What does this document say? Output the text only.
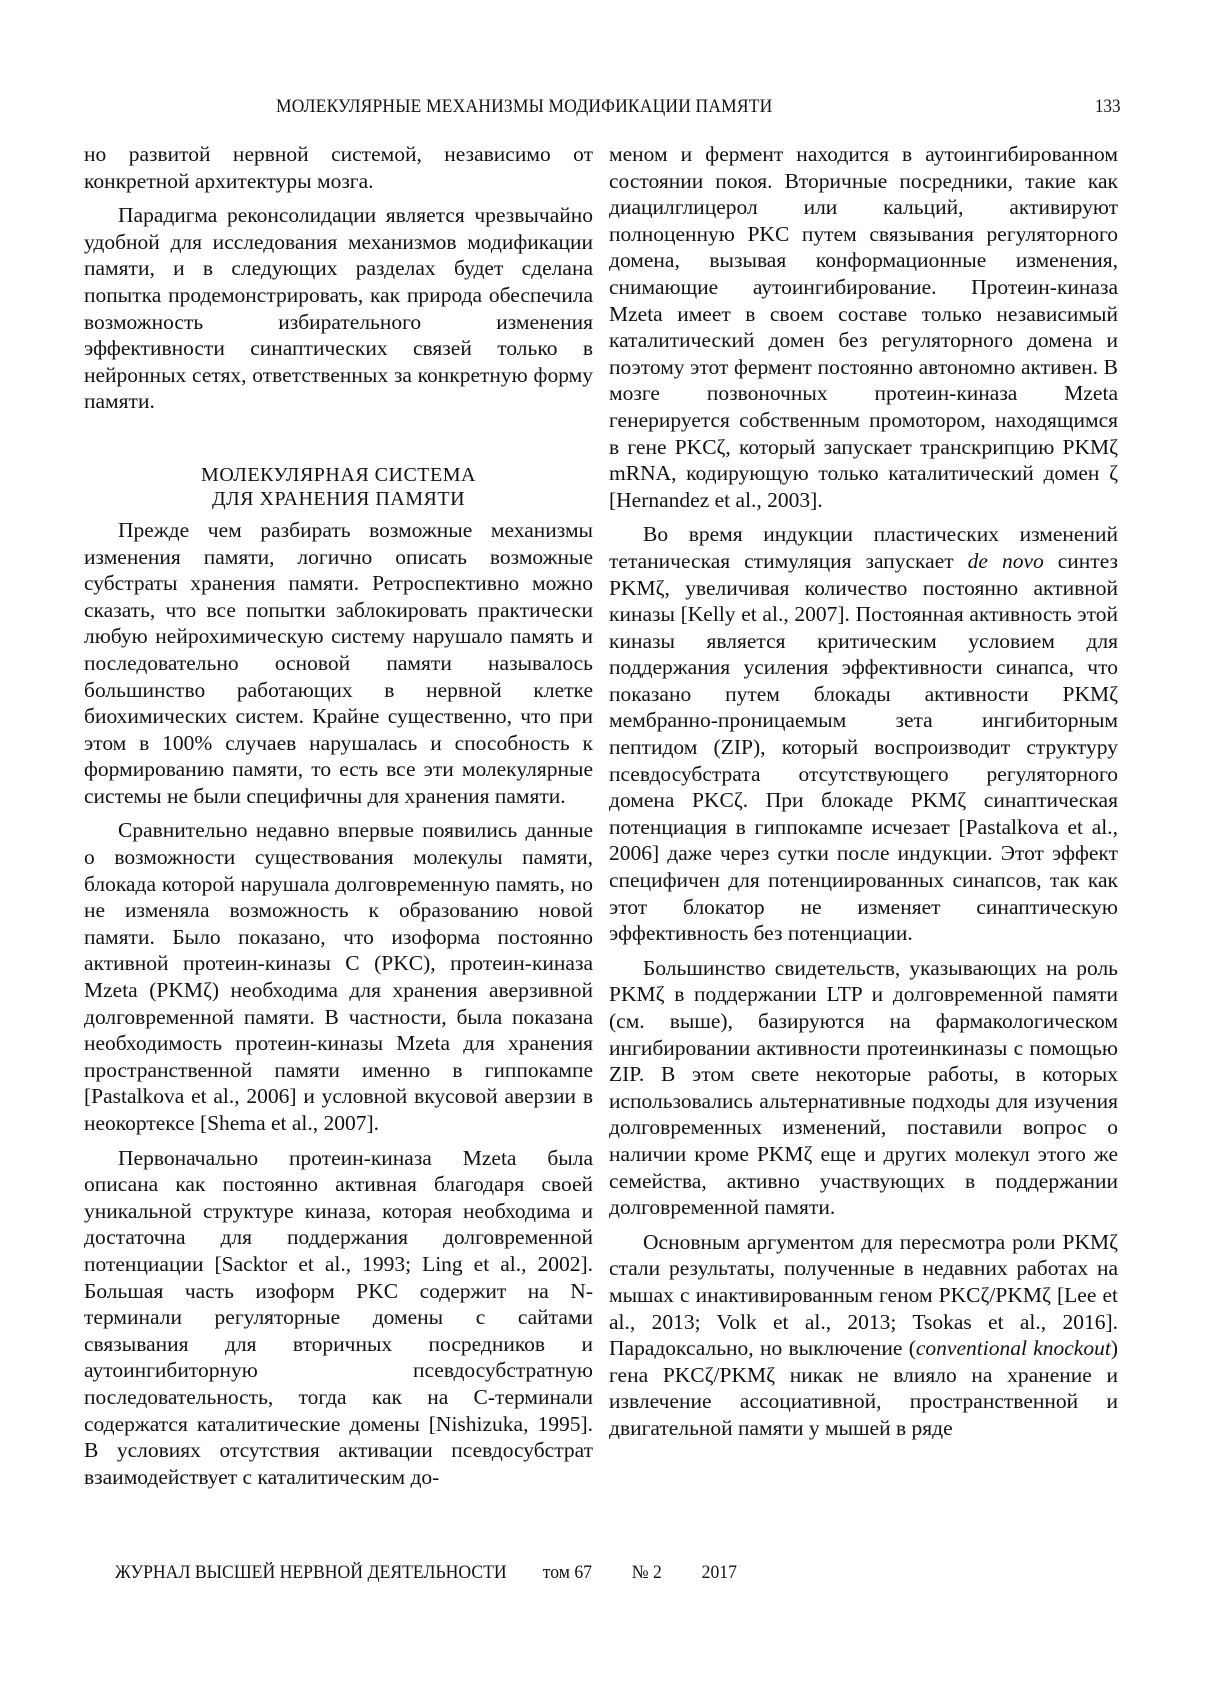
МОЛЕКУЛЯРНЫЕ МЕХАНИЗМЫ МОДИФИКАЦИИ ПАМЯТИ	133

но развитой нервной системой, независимо от конкретной архитектуры мозга.

Парадигма реконсолидации является чрезвычайно удобной для исследования механизмов модификации памяти, и в следующих разделах будет сделана попытка продемонстрировать, как природа обеспечила возможность избирательного изменения эффективности синаптических связей только в нейронных сетях, ответственных за конкретную форму памяти.

МОЛЕКУЛЯРНАЯ СИСТЕМА
ДЛЯ ХРАНЕНИЯ ПАМЯТИ

Прежде чем разбирать возможные механизмы изменения памяти, логично описать возможные субстраты хранения памяти. Ретроспективно можно сказать, что все попытки заблокировать практически любую нейрохимическую систему нарушало память и последовательно основой памяти называлось большинство работающих в нервной клетке биохимических систем. Крайне существенно, что при этом в 100% случаев нарушалась и способность к формированию памяти, то есть все эти молекулярные системы не были специфичны для хранения памяти.

Сравнительно недавно впервые появились данные о возможности существования молекулы памяти, блокада которой нарушала долговременную память, но не изменяла возможность к образованию новой памяти. Было показано, что изоформа постоянно активной протеин-киназы C (PKC), протеин-киназа Mzeta (PKMζ) необходима для хранения аверзивной долговременной памяти. В частности, была показана необходимость протеин-киназы Mzeta для хранения пространственной памяти именно в гиппокампе [Pastalkova et al., 2006] и условной вкусовой аверзии в неокортексе [Shema et al., 2007].

Первоначально протеин-киназа Mzeta была описана как постоянно активная благодаря своей уникальной структуре киназа, которая необходима и достаточна для поддержания долговременной потенциации [Sacktor et al., 1993; Ling et al., 2002]. Большая часть изоформ PKC содержит на N-терминали регуляторные домены с сайтами связывания для вторичных посредников и аутоингибиторную псевдосубстратную последовательность, тогда как на C-терминали содержатся каталитические домены [Nishizuka, 1995]. В условиях отсутствия активации псевдосубстрат взаимодействует с каталитическим до-

меном и фермент находится в аутоингибированном состоянии покоя. Вторичные посредники, такие как диацилглицерол или кальций, активируют полноценную PKC путем связывания регуляторного домена, вызывая конформационные изменения, снимающие аутоингибирование. Протеин-киназа Mzeta имеет в своем составе только независимый каталитический домен без регуляторного домена и поэтому этот фермент постоянно автономно активен. В мозге позвоночных протеин-киназа Mzeta генерируется собственным промотором, находящимся в гене PKCζ, который запускает транскрипцию PKMζ mRNA, кодирующую только каталитический домен ζ [Hernandez et al., 2003].

Во время индукции пластических изменений тетаническая стимуляция запускает de novo синтез PKMζ, увеличивая количество постоянно активной киназы [Kelly et al., 2007]. Постоянная активность этой киназы является критическим условием для поддержания усиления эффективности синапса, что показано путем блокады активности PKMζ мембранно-проницаемым зета ингибиторным пептидом (ZIP), который воспроизводит структуру псевдосубстрата отсутствующего регуляторного домена PKCζ. При блокаде PKMζ синаптическая потенциация в гиппокампе исчезает [Pastalkova et al., 2006] даже через сутки после индукции. Этот эффект специфичен для потенциированных синапсов, так как этот блокатор не изменяет синаптическую эффективность без потенциации.

Большинство свидетельств, указывающих на роль PKMζ в поддержании LTP и долговременной памяти (см. выше), базируются на фармакологическом ингибировании активности протеинкиназы с помощью ZIP. В этом свете некоторые работы, в которых использовались альтернативные подходы для изучения долговременных изменений, поставили вопрос о наличии кроме PKMζ еще и других молекул этого же семейства, активно участвующих в поддержании долговременной памяти.

Основным аргументом для пересмотра роли PKMζ стали результаты, полученные в недавних работах на мышах с инактивированным геном PKCζ/PKMζ [Lee et al., 2013; Volk et al., 2013; Tsokas et al., 2016]. Парадоксально, но выключение (conventional knockout) гена PKCζ/PKMζ никак не влияло на хранение и извлечение ассоциативной, пространственной и двигательной памяти у мышей в ряде

ЖУРНАЛ ВЫСШЕЙ НЕРВНОЙ ДЕЯТЕЛЬНОСТИ том 67 № 2 2017
